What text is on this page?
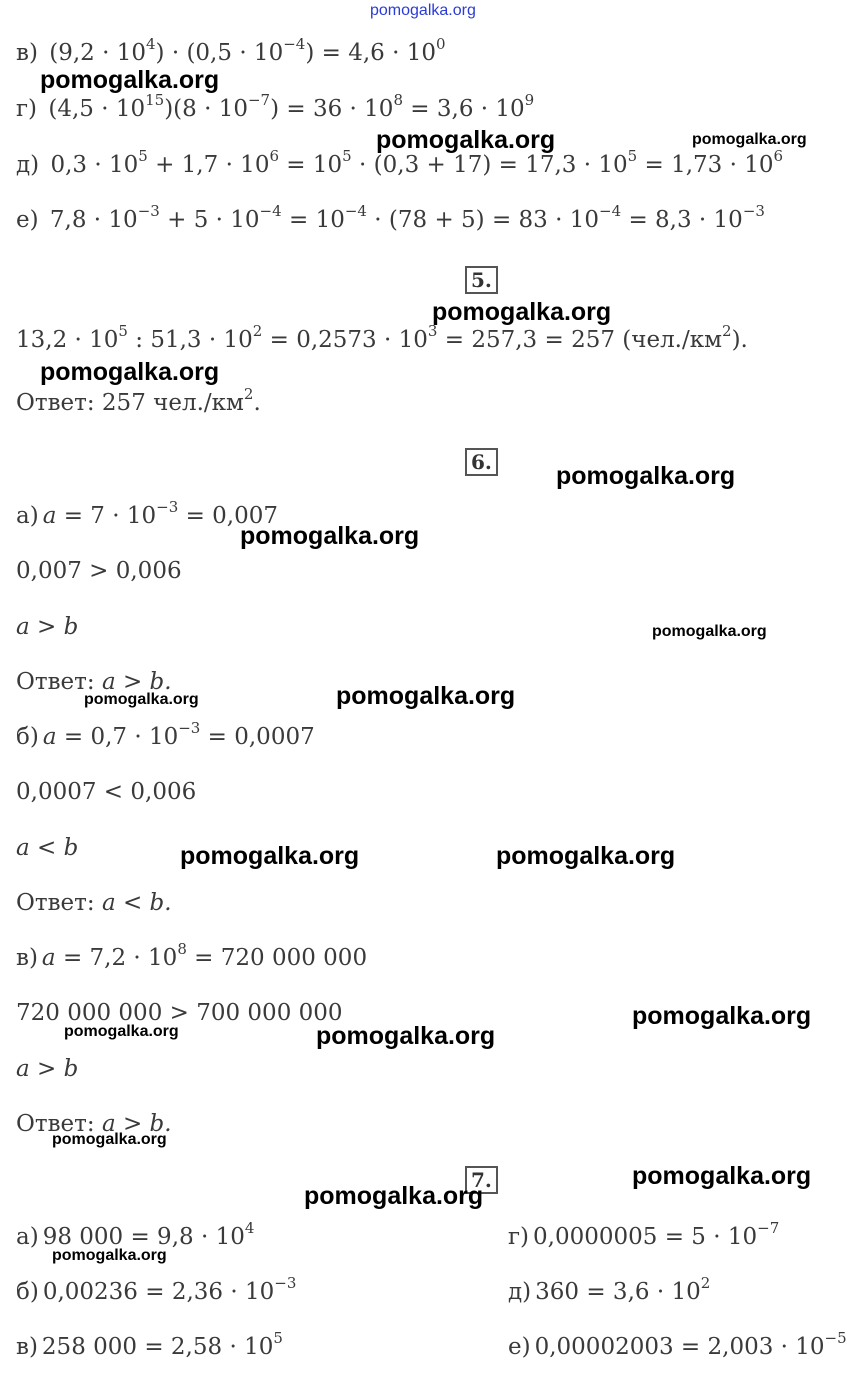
pomogalka.org
в) $(9,2 \cdot 10^4) \cdot (0,5 \cdot 10^{-4}) = 4,6 \cdot 10^0$
г) $(4,5 \cdot 10^{15})(8 \cdot 10^{-7}) = 36 \cdot 10^8 = 3,6 \cdot 10^9$
д) $0,3 \cdot 10^5 + 1,7 \cdot 10^6 = 10^5 \cdot (0,3 + 17) = 17,3 \cdot 10^5 = 1,73 \cdot 10^6$
е) $7,8 \cdot 10^{-3} + 5 \cdot 10^{-4} = 10^{-4} \cdot (78 + 5) = 83 \cdot 10^{-4} = 8,3 \cdot 10^{-3}$
5.
$13,2 \cdot 10^5$ : $51,3 \cdot 10^2 = 0,2573 \cdot 10^3 = 257,3 = 257$ $(чел./км^2)$.
Ответ: 257 $чел./км^2$.
6.
а) $a = 7 \cdot 10^{-3} = 0,007$
0,007 > 0,006
a > b
Ответ: a > b.
б) $a = 0,7 \cdot 10^{-3} = 0,0007$
0,0007 < 0,006
a < b
Ответ: a < b.
в) $a = 7,2 \cdot 10^8 = 720$ 000 000
720 000 000 > 700 000 000
a > b
Ответ: a > b.
7.
а) 98 $000 = 9,8 \cdot 10^4$
б) $0,00236 = 2,36 \cdot 10^{-3}$
в) 258 $000 = 2,58 \cdot 10^5$
г) $0,0000005 = 5 \cdot 10^{-7}$
д) $360 = 3,6 \cdot 10^2$
е) $0,00002003 = 2,003 \cdot 10^{-5}$
pomogalka.org
pomogalka.org	pomogalka.org
pomogalka.org
pomogalka.org
pomogalka.org
pomogalka.org
pomogalka.org
pomogalka.org	pomogalka.org
pomogalka.org	pomogalka.org
pomogalka.org
pomogalka.org	pomogalka.org
pomogalka.org
pomogalka.org
pomogalka.org
pomogalka.org
